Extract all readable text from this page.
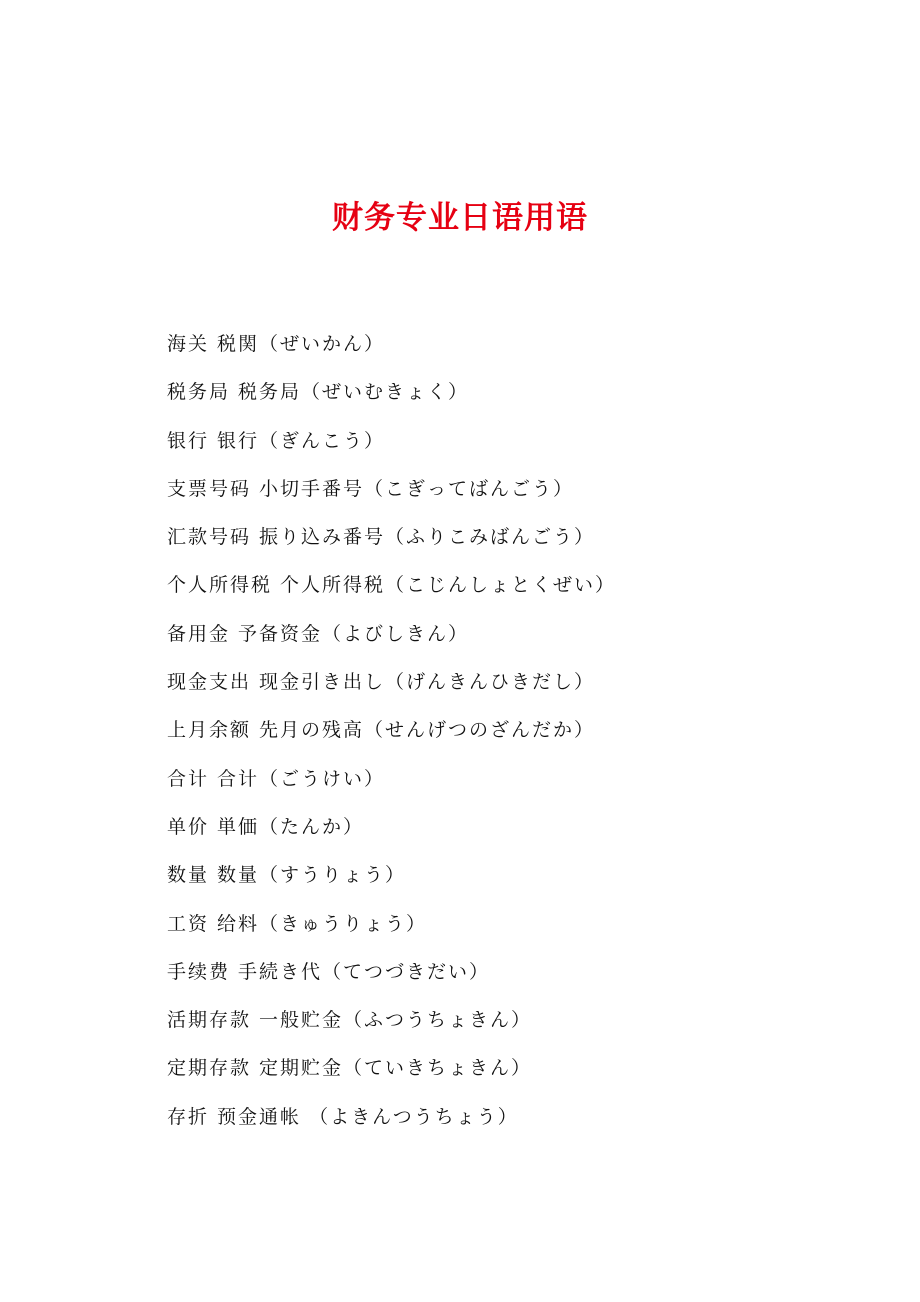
财务专业日语用语
海关 税関（ぜいかん）
税务局 税务局（ぜいむきょく）
银行 银行（ぎんこう）
支票号码 小切手番号（こぎってばんごう）
汇款号码 振り込み番号（ふりこみばんごう）
个人所得税 个人所得税（こじんしょとくぜい）
备用金 予备资金（よびしきん）
现金支出 现金引き出し（げんきんひきだし）
上月余额 先月の残高（せんげつのざんだか）
合计 合计（ごうけい）
单价 単価（たんか）
数量 数量（すうりょう）
工资 给料（きゅうりょう）
手续费 手続き代（てつづきだい）
活期存款 一般贮金（ふつうちょきん）
定期存款 定期贮金（ていきちょきん）
存折 预金通帐 （よきんつうちょう）
